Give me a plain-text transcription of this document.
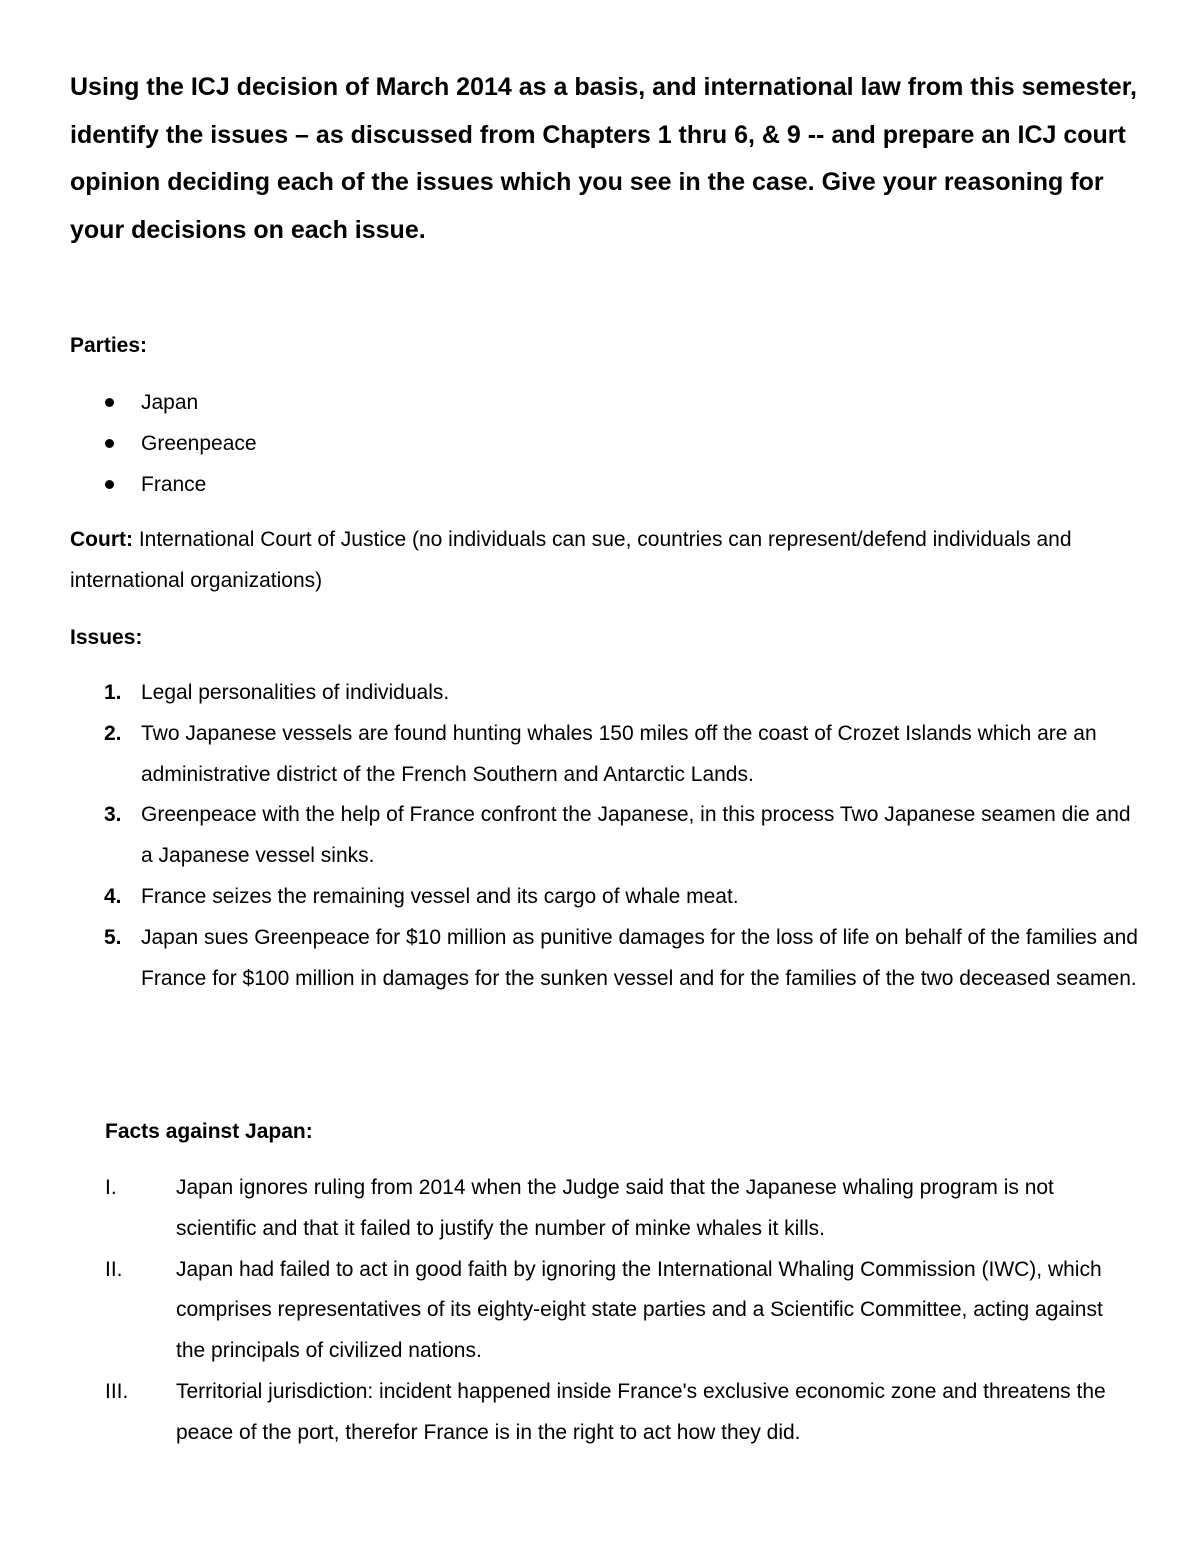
Using the ICJ decision of March 2014 as a basis, and international law from this semester, identify the issues – as discussed from Chapters 1 thru 6, & 9 -- and prepare an ICJ court opinion deciding each of the issues which you see in the case. Give your reasoning for your decisions on each issue.

Parties:

Japan
Greenpeace
France

Court: International Court of Justice (no individuals can sue, countries can represent/defend individuals and international organizations)

Issues:

1. Legal personalities of individuals.
2. Two Japanese vessels are found hunting whales 150 miles off the coast of Crozet Islands which are an administrative district of the French Southern and Antarctic Lands.
3. Greenpeace with the help of France confront the Japanese, in this process Two Japanese seamen die and a Japanese vessel sinks.
4. France seizes the remaining vessel and its cargo of whale meat.
5. Japan sues Greenpeace for $10 million as punitive damages for the loss of life on behalf of the families and France for $100 million in damages for the sunken vessel and for the families of the two deceased seamen.

Facts against Japan:

I.	Japan ignores ruling from 2014 when the Judge said that the Japanese whaling program is not scientific and that it failed to justify the number of minke whales it kills.
II.	Japan had failed to act in good faith by ignoring the International Whaling Commission (IWC), which comprises representatives of its eighty-eight state parties and a Scientific Committee, acting against the principals of civilized nations.
III. Territorial jurisdiction: incident happened inside France's exclusive economic zone and threatens the peace of the port, therefor France is in the right to act how they did.
